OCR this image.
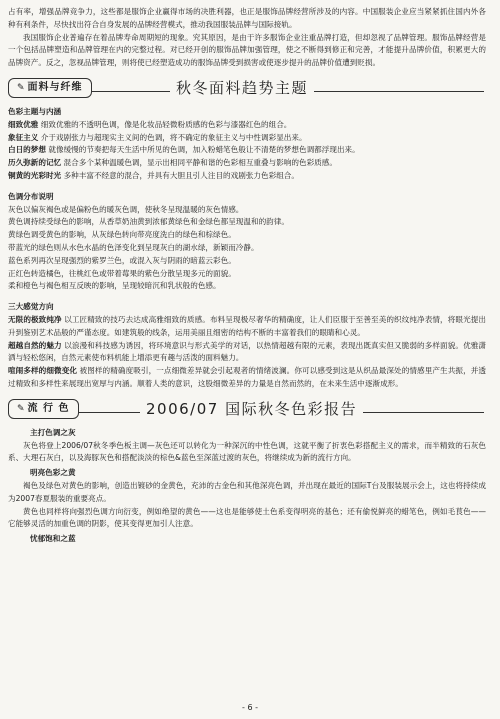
占有率，增强品牌竞争力，这些都是服饰企业赢得市场的决胜利器，也正是服饰品牌经营所涉及的内容。中国服装企业应当紧紧抓住国内外各种有利条件，尽快找出符合自身发展的品牌经营模式，推动我国服装品牌与国际接轨。

我国服饰企业普遍存在着品牌寿命周期短的现象。究其原因，是由于许多服饰企业注重品牌打造，但却忽视了品牌管理。服饰品牌经营是一个包括品牌塑造和品牌管理在内的完整过程。对已经开创的服饰品牌加强管理，使之不断得到修正和完善，才能提升品牌价值，积累更大的品牌资产。反之，忽视品牌管理，则将使已经塑造成功的服饰品牌受到损害或使逐步提升的品牌价值遭到贬损。

✎ 面料与纤维	秋冬面料趋势主题

色彩主题与内涵

细致优雅 细致优雅的不透明色调，像是化妆品轻微粉质感的色彩与漆器红色的组合。

象征主义 介于戏剧张力与超现实主义间的色调，将不确定的象征主义与中性调彩显出来。

白日的梦想 就像缓慢的节奏把每天生活中所见的色调，加入粉蜡笔色般让不清楚的梦想色调都浮现出来。

历久弥新的记忆 混合多个某种温暖色调，显示出相同平静和谐的色彩相互重叠与影响的色彩质感。

铜黄的光彩时光 多种丰富不经意的混合，并具有大胆且引人注目的戏剧张力色彩组合。

色调分布说明

灰色以偏灰褐色或是偏粉色的暖灰色调，使秋冬呈现温暖的灰色情感。

黄色调持续受绿色的影响，从香草奶油黄到浓郁黄绿色和金绿色都呈现温和的韵律。

黄绿色调受黄色的影响，从灰绿色转向带亮度洗白的绿色和棕绿色。

带蓝光的绿色则从水色水晶的色泽变化到呈现灰白的湖水绿，新颖而冷静。

蓝色系列再次呈现强烈的紫罗兰色，或混入灰与阴雨的暗蓝云彩色。

正红色转造橘色，往桃红色或带着莓果的紫色分散呈现多元的面貌。

柔和橙色与褐色相互反映的影响，呈现较暗沉和乳状般的色感。

三大感觉方向

无限的极致纯净 以工匠精致的技巧去达成高雅细致的质感。布料呈现极尽奢华的精确度，让人们臣服于至善至美的织纹纯净表情，将眼光提出升到鉴别艺术品般的严谨态度。如建筑般的线条，运用美丽且细密的结构不断的丰富着我们的眼睛和心灵。

超越自然的魅力 以浪漫和科技感为诱因，将环境意识与形式美学的对话，以热情超越有限的元素，表现出既真实但又脆弱的多样面貌。优雅潇洒与轻松悠闲，自然元素使布料机能上增添更有趣与活泼的面料魅力。

喧闹多样的细微变化 被图样的精确度吸引，一点细微差异就会引起观者的情绪波澜。你可以感受到这是从织品最深处的情感里产生共振，并透过精致和多样性来展现出宽厚与内涵。顺着人类的意识，这股细微差异的力量是自然而然的，在未来生活中逐渐成形。

✎ 流 行 色	2006/07 国际秋冬色彩报告

主打色调之灰

灰色将登上2006/07秋冬季色板主调—灰色还可以转化为一种深沉的中性色调，这就平衡了折衷色彩搭配主义的需求，而半精致的石灰色系、大理石灰白，以及海豚灰色和搭配淡淡的棕色&蓝色至深蓝过渡的灰色，将继续成为新的流行方向。

明亮色彩之黄

褐色及绿色对黄色的影响，创造出镀砂的金黄色，充沛的古金色和其他深亮色调，并出现在最近的国际T台及服装展示会上，这也将持续成为2007春夏服装的重要亮点。

黄色也同样将向强烈色调方向衍变，例如绝望的黄色——这也是能够使土色系变得明亮的基色；还有偷悦鲜亮的蜡笔色，例如毛茛色——它能够灵活的加重色调的阴影，使其变得更加引人注意。

忧郁饱和之蓝

- 6 -
